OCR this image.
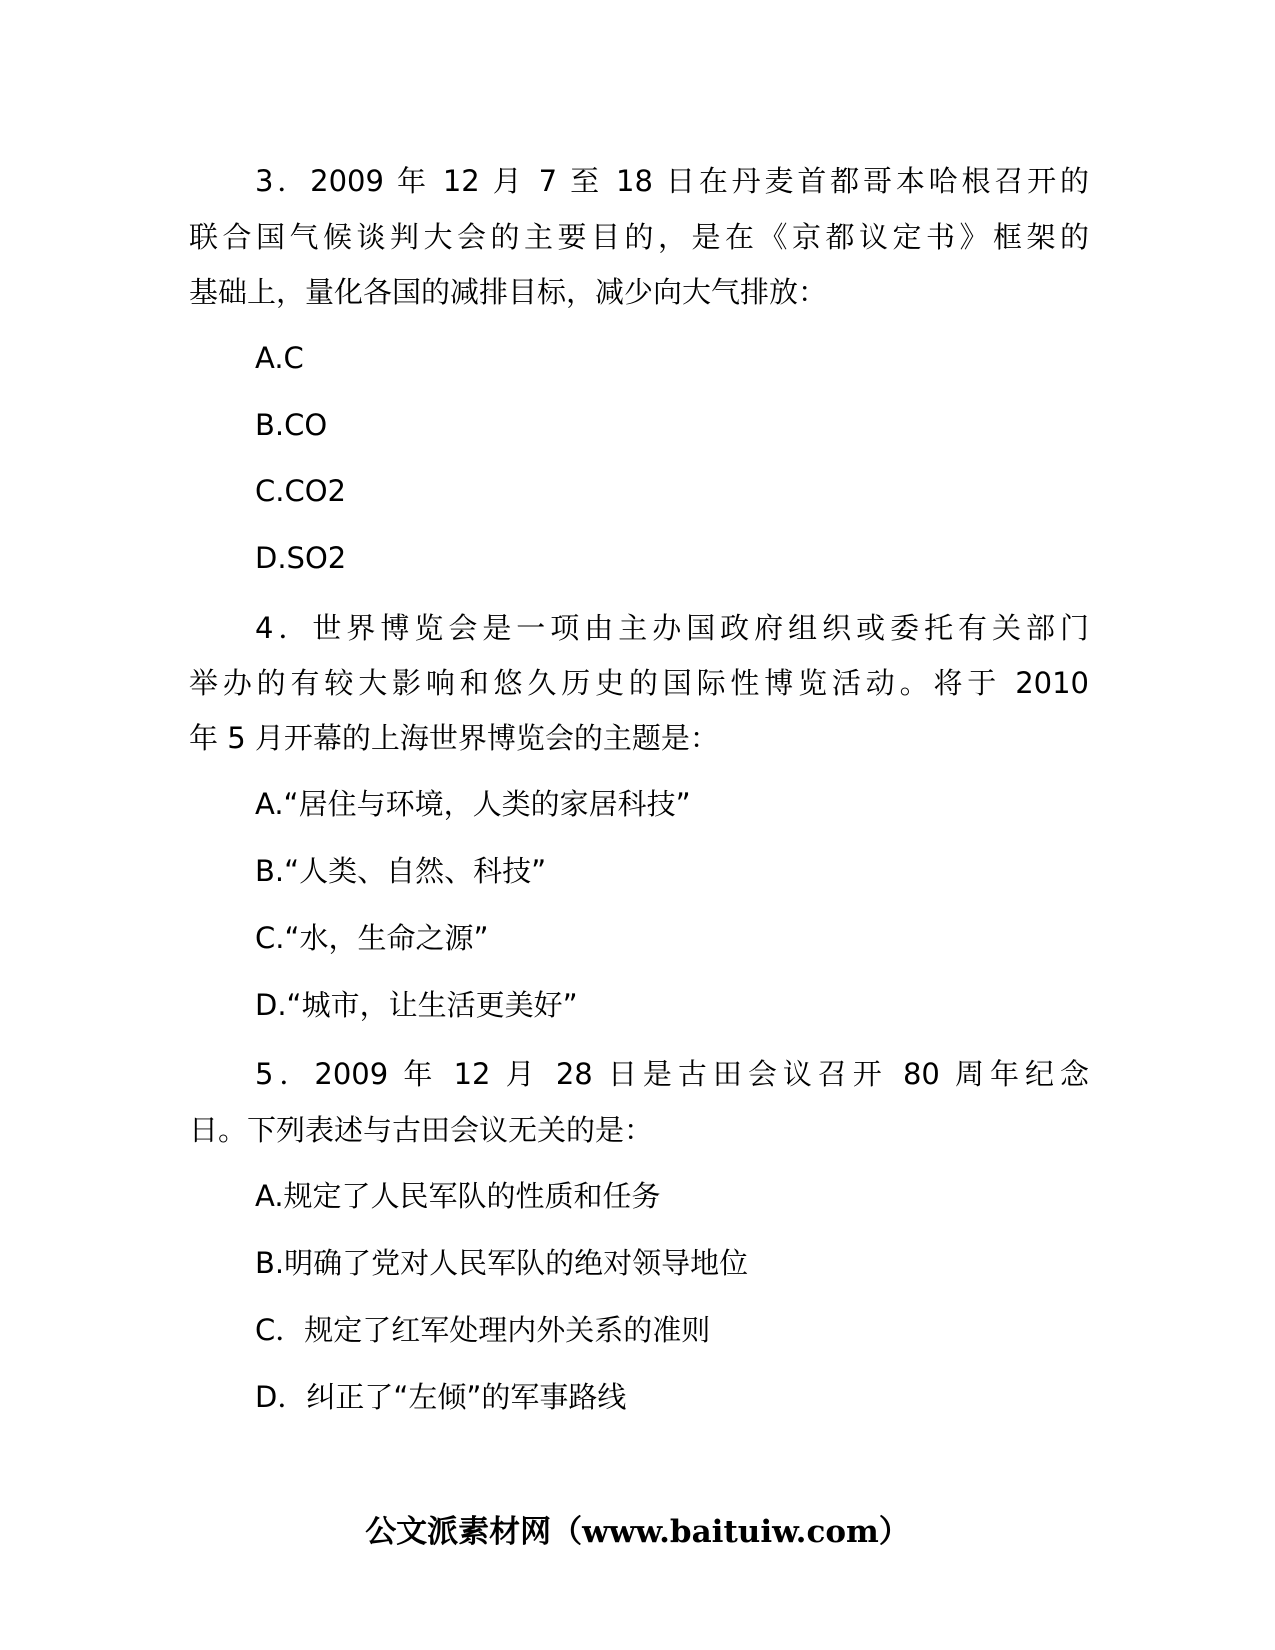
3．2009 年 12 月 7 至 18 日在丹麦首都哥本哈根召开的

联合国气候谈判大会的主要目的，是在《京都议定书》框架的

基础上，量化各国的减排目标，减少向大气排放：

A.C

B.CO

C.CO2

D.SO2

4．世界博览会是一项由主办国政府组织或委托有关部门

举办的有较大影响和悠久历史的国际性博览活动。将于 2010

年 5 月开幕的上海世界博览会的主题是：

A.“居住与环境，人类的家居科技”

B.“人类、自然、科技”

C.“水，生命之源”

D.“城市，让生活更美好”

5．2009 年 12 月 28 日是古田会议召开 80 周年纪念

日。下列表述与古田会议无关的是：

A.规定了人民军队的性质和任务

B.明确了党对人民军队的绝对领导地位

C．规定了红军处理内外关系的准则

D．纠正了“左倾”的军事路线

公文派素材网（www.baituiw.com）
